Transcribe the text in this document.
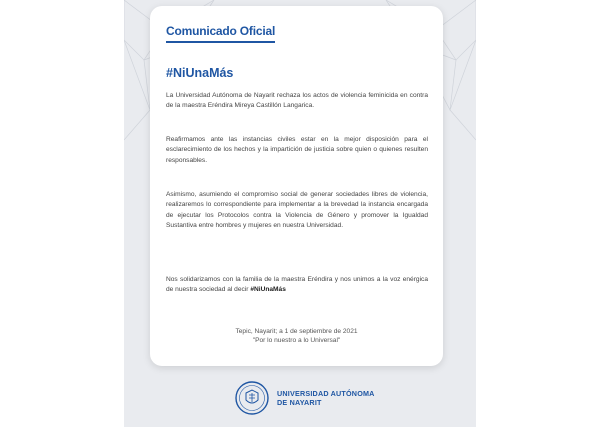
Comunicado Oficial
#NiUnaMás
La Universidad Autónoma de Nayarit rechaza los actos de violencia feminicida en contra de la maestra Eréndira Mireya Castillón Langarica.
Reafirmamos ante las instancias civiles estar en la mejor disposición para el esclarecimiento de los hechos y la impartición de justicia sobre quien o quienes resulten responsables.
Asimismo, asumiendo el compromiso social de generar sociedades libres de violencia, realizaremos lo correspondiente para implementar a la brevedad la instancia encargada de ejecutar los Protocolos contra la Violencia de Género y promover la Igualdad Sustantiva entre hombres y mujeres en nuestra Universidad.
Nos solidarizamos con la familia de la maestra Eréndira y nos unimos a la voz enérgica de nuestra sociedad al decir #NiUnaMás
Tepic, Nayarit; a 1 de septiembre de 2021
"Por lo nuestro a lo Universal"
UNIVERSIDAD AUTÓNOMA
DE NAYARIT
